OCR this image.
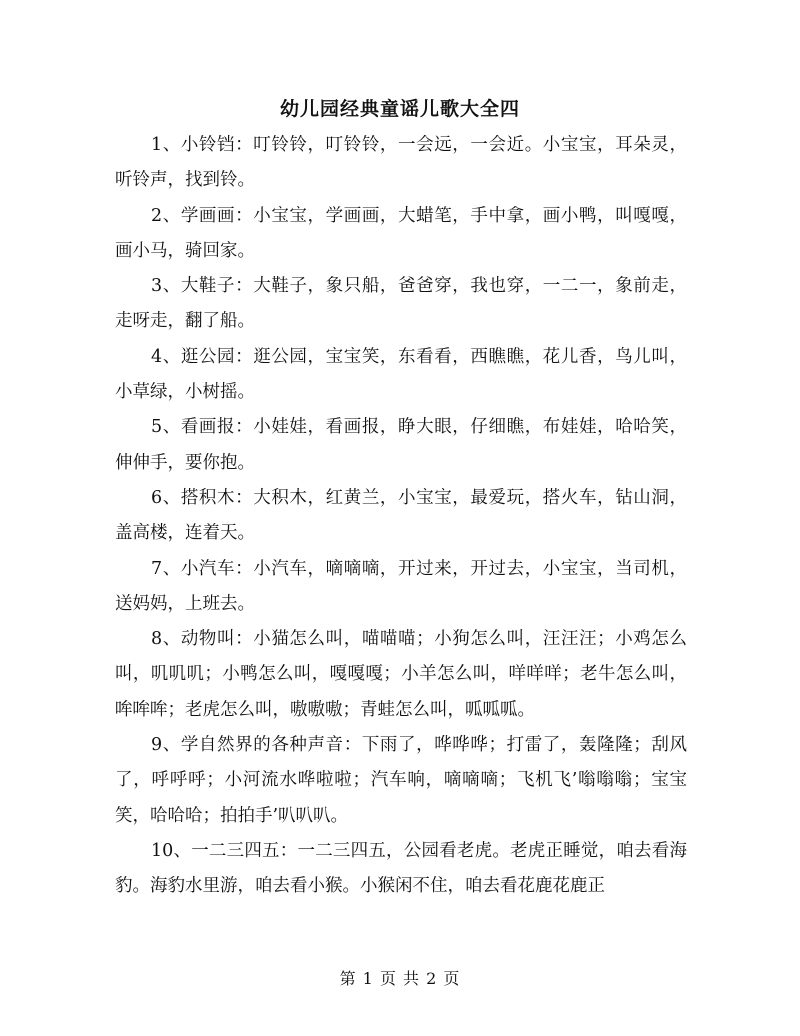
幼儿园经典童谣儿歌大全四

1、小铃铛：叮铃铃，叮铃铃，一会远，一会近。小宝宝，耳朵灵，听铃声，找到铃。

2、学画画：小宝宝，学画画，大蜡笔，手中拿，画小鸭，叫嘎嘎，画小马，骑回家。

3、大鞋子：大鞋子，象只船，爸爸穿，我也穿，一二一，象前走，走呀走，翻了船。

4、逛公园：逛公园，宝宝笑，东看看，西瞧瞧，花儿香，鸟儿叫，小草绿，小树摇。

5、看画报：小娃娃，看画报，睁大眼，仔细瞧，布娃娃，哈哈笑，伸伸手，要你抱。

6、搭积木：大积木，红黄兰，小宝宝，最爱玩，搭火车，钻山洞，盖高楼，连着天。

7、小汽车：小汽车，嘀嘀嘀，开过来，开过去，小宝宝，当司机，送妈妈，上班去。

8、动物叫：小猫怎么叫，喵喵喵；小狗怎么叫，汪汪汪；小鸡怎么叫，叽叽叽；小鸭怎么叫，嘎嘎嘎；小羊怎么叫，咩咩咩；老牛怎么叫，哞哞哞；老虎怎么叫，嗷嗷嗷；青蛙怎么叫，呱呱呱。

9、学自然界的各种声音：下雨了，哗哗哗；打雷了，轰隆隆；刮风了，呼呼呼；小河流水哗啦啦；汽车响，嘀嘀嘀；飞机飞’嗡嗡嗡；宝宝笑，哈哈哈；拍拍手’叭叭叭。

10、一二三四五：一二三四五，公园看老虎。老虎正睡觉，咱去看海豹。海豹水里游，咱去看小猴。小猴闲不住，咱去看花鹿花鹿正

第 1 页 共 2 页
